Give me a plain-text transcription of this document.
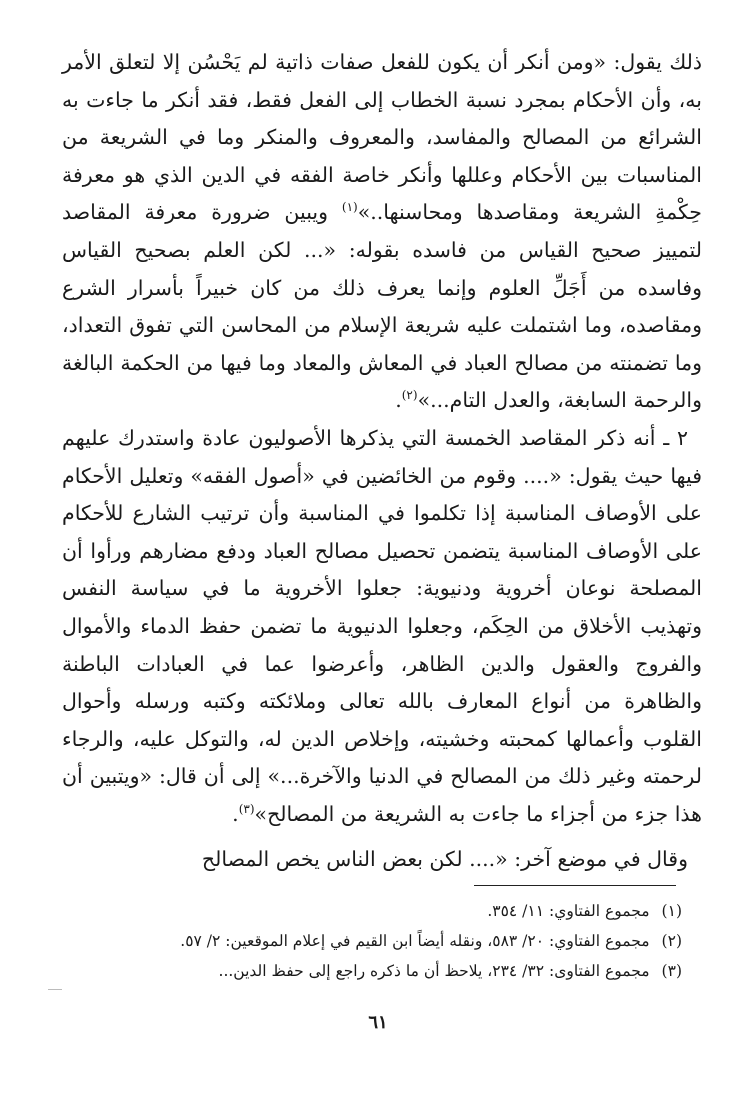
ذلك يقول: «ومن أنكر أن يكون للفعل صفات ذاتية لم يَحْسُن إلا لتعلق الأمر به، وأن الأحكام بمجرد نسبة الخطاب إلى الفعل فقط، فقد أنكر ما جاءت به الشرائع من المصالح والمفاسد، والمعروف والمنكر وما في الشريعة من المناسبات بين الأحكام وعللها وأنكر خاصة الفقه في الدين الذي هو معرفة حِكْمةِ الشريعة ومقاصدها ومحاسنها..»$^{(١)}$ ويبين ضرورة معرفة المقاصد لتمييز صحيح القياس من فاسده بقوله: «... لكن العلم بصحيح القياس وفاسده من أَجَلِّ العلوم وإنما يعرف ذلك من كان خبيراً بأسرار الشرع ومقاصده، وما اشتملت عليه شريعة الإسلام من المحاسن التي تفوق التعداد، وما تضمنته من مصالح العباد في المعاش والمعاد وما فيها من الحكمة البالغة والرحمة السابغة، والعدل التام...»$^{(٢)}$.

٢ ـ أنه ذكر المقاصد الخمسة التي يذكرها الأصوليون عادة واستدرك عليهم فيها حيث يقول: «.... وقوم من الخائضين في «أصول الفقه» وتعليل الأحكام على الأوصاف المناسبة إذا تكلموا في المناسبة وأن ترتيب الشارع للأحكام على الأوصاف المناسبة يتضمن تحصيل مصالح العباد ودفع مضارهم ورأوا أن المصلحة نوعان أخروية ودنيوية: جعلوا الأخروية ما في سياسة النفس وتهذيب الأخلاق من الحِكَم، وجعلوا الدنيوية ما تضمن حفظ الدماء والأموال والفروج والعقول والدين الظاهر، وأعرضوا عما في العبادات الباطنة والظاهرة من أنواع المعارف بالله تعالى وملائكته وكتبه ورسله وأحوال القلوب وأعمالها كمحبته وخشيته، وإخلاص الدين له، والتوكل عليه، والرجاء لرحمته وغير ذلك من المصالح في الدنيا والآخرة...» إلى أن قال: «ويتبين أن هذا جزء من أجزاء ما جاءت به الشريعة من المصالح»$^{(٣)}$.

وقال في موضع آخر: «.... لكن بعض الناس يخص المصالح

(١)مجموع الفتاوي: ١١/ ٣٥٤.
(٢)مجموع الفتاوي: ٢٠/ ٥٨٣، ونقله أيضاً ابن القيم في إعلام الموقعين: ٢/ ٥٧.
(٣)مجموع الفتاوى: ٣٢/ ٢٣٤، يلاحظ أن ما ذكره راجع إلى حفظ الدين...
٦١
